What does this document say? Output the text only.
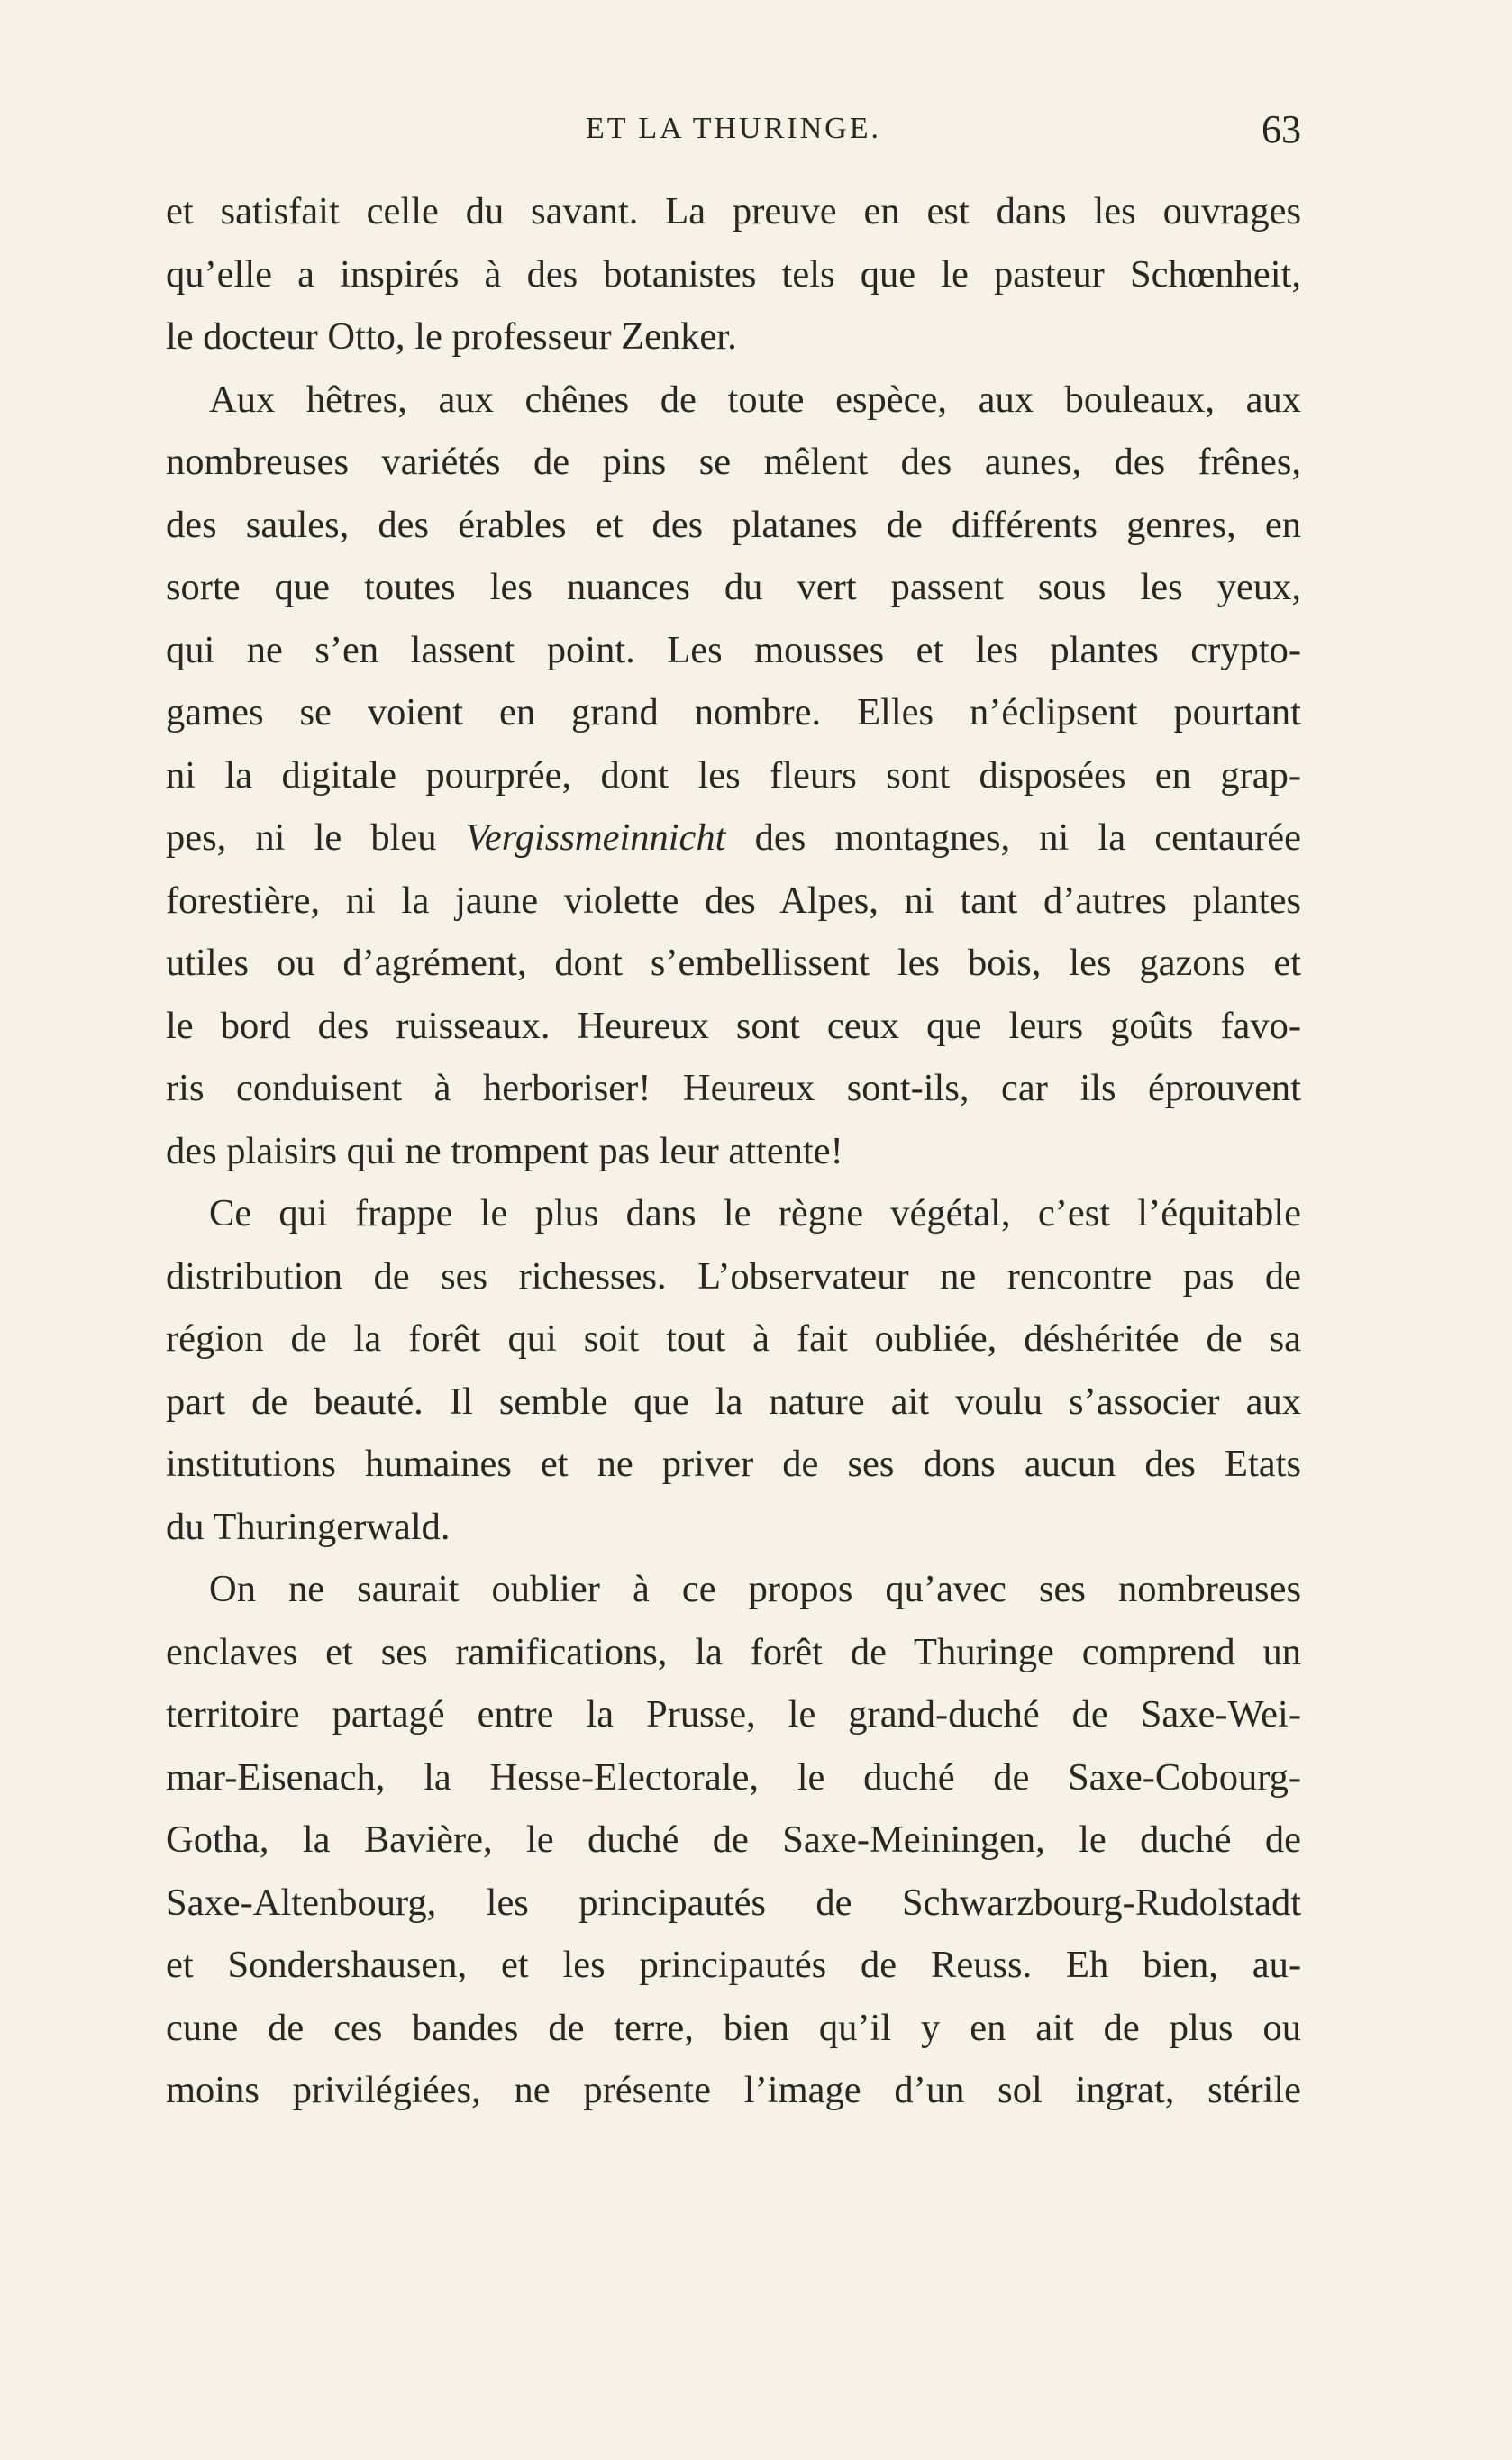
ET LA THURINGE.	63
et satisfait celle du savant. La preuve en est dans les ouvrages
qu’elle a inspirés à des botanistes tels que le pasteur Schœnheit,
le docteur Otto, le professeur Zenker.
Aux hêtres, aux chênes de toute espèce, aux bouleaux, aux
nombreuses variétés de pins se mêlent des aunes, des frênes,
des saules, des érables et des platanes de différents genres, en
sorte que toutes les nuances du vert passent sous les yeux,
qui ne s’en lassent point. Les mousses et les plantes crypto-
games se voient en grand nombre. Elles n’éclipsent pourtant
ni la digitale pourprée, dont les fleurs sont disposées en grap-
pes, ni le bleu Vergissmeinnicht des montagnes, ni la centaurée
forestière, ni la jaune violette des Alpes, ni tant d’autres plantes
utiles ou d’agrément, dont s’embellissent les bois, les gazons et
le bord des ruisseaux. Heureux sont ceux que leurs goûts favo-
ris conduisent à herboriser! Heureux sont-ils, car ils éprouvent
des plaisirs qui ne trompent pas leur attente!
Ce qui frappe le plus dans le règne végétal, c’est l’équitable
distribution de ses richesses. L’observateur ne rencontre pas de
région de la forêt qui soit tout à fait oubliée, déshéritée de sa
part de beauté. Il semble que la nature ait voulu s’associer aux
institutions humaines et ne priver de ses dons aucun des Etats
du Thuringerwald.
On ne saurait oublier à ce propos qu’avec ses nombreuses
enclaves et ses ramifications, la forêt de Thuringe comprend un
territoire partagé entre la Prusse, le grand-duché de Saxe-Wei-
mar-Eisenach, la Hesse-Electorale, le duché de Saxe-Cobourg-
Gotha, la Bavière, le duché de Saxe-Meiningen, le duché de
Saxe-Altenbourg, les principautés de Schwarzbourg-Rudolstadt
et Sondershausen, et les principautés de Reuss. Eh bien, au-
cune de ces bandes de terre, bien qu’il y en ait de plus ou
moins privilégiées, ne présente l’image d’un sol ingrat, stérile
